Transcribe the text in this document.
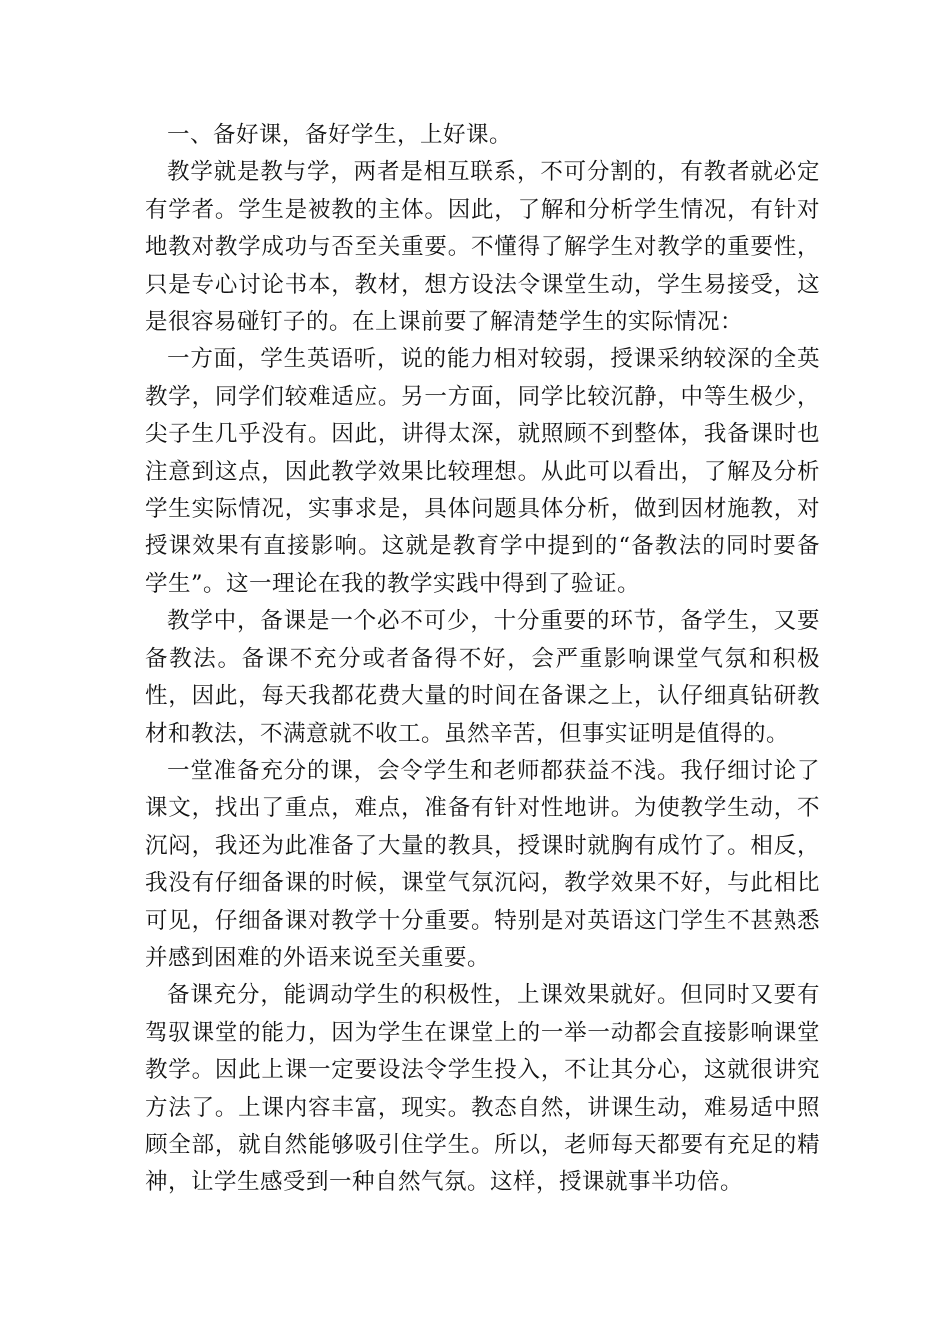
一、备好课，备好学生，上好课。

教学就是教与学，两者是相互联系，不可分割的，有教者就必定有学者。学生是被教的主体。因此，了解和分析学生情况，有针对地教对教学成功与否至关重要。不懂得了解学生对教学的重要性，只是专心讨论书本，教材，想方设法令课堂生动，学生易接受，这是很容易碰钉子的。在上课前要了解清楚学生的实际情况：

一方面，学生英语听，说的能力相对较弱，授课采纳较深的全英教学，同学们较难适应。另一方面，同学比较沉静，中等生极少，尖子生几乎没有。因此，讲得太深，就照顾不到整体，我备课时也注意到这点，因此教学效果比较理想。从此可以看出，了解及分析学生实际情况，实事求是，具体问题具体分析，做到因材施教，对授课效果有直接影响。这就是教育学中提到的“备教法的同时要备学生”。这一理论在我的教学实践中得到了验证。

教学中，备课是一个必不可少，十分重要的环节，备学生，又要备教法。备课不充分或者备得不好，会严重影响课堂气氛和积极性，因此，每天我都花费大量的时间在备课之上，认仔细真钻研教材和教法，不满意就不收工。虽然辛苦，但事实证明是值得的。

一堂准备充分的课，会令学生和老师都获益不浅。我仔细讨论了课文，找出了重点，难点，准备有针对性地讲。为使教学生动，不沉闷，我还为此准备了大量的教具，授课时就胸有成竹了。相反，我没有仔细备课的时候，课堂气氛沉闷，教学效果不好，与此相比可见，仔细备课对教学十分重要。特别是对英语这门学生不甚熟悉并感到困难的外语来说至关重要。

备课充分，能调动学生的积极性，上课效果就好。但同时又要有驾驭课堂的能力，因为学生在课堂上的一举一动都会直接影响课堂教学。因此上课一定要设法令学生投入，不让其分心，这就很讲究方法了。上课内容丰富，现实。教态自然，讲课生动，难易适中照顾全部，就自然能够吸引住学生。所以，老师每天都要有充足的精神，让学生感受到一种自然气氛。这样，授课就事半功倍。
